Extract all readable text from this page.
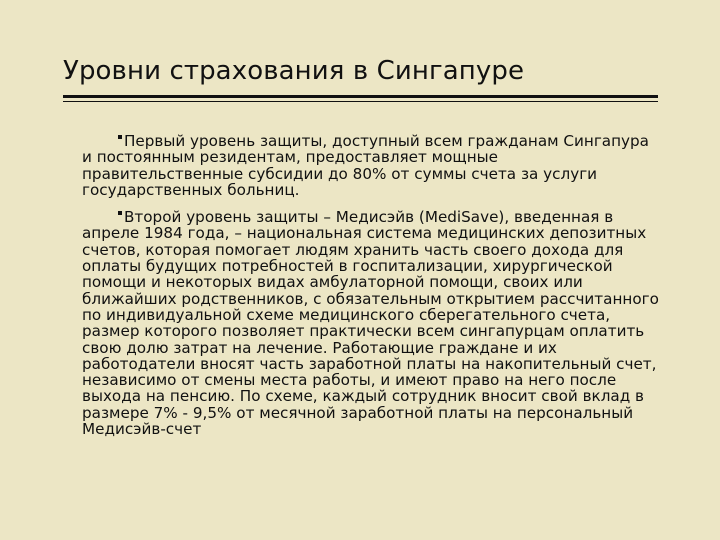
Уровни страхования в Сингапуре

Первый уровень защиты, доступный всем гражданам Сингапура и постоянным резидентам, предоставляет мощные правительственные субсидии до 80% от суммы счета за услуги государственных больниц.

Второй уровень защиты – Медисэйв (MediSave), введенная в апреле 1984 года, – национальная система медицинских депозитных счетов, которая помогает людям хранить часть своего дохода для оплаты будущих потребностей в госпитализации, хирургической помощи и некоторых видах амбулаторной помощи, своих или ближайших родственников, с обязательным открытием рассчитанного по индивидуальной схеме медицинского сберегательного счета, размер которого позволяет практически всем сингапурцам оплатить свою долю затрат на лечение. Работающие граждане и их работодатели вносят часть заработной платы на накопительный счет, независимо от смены места работы, и имеют право на него после выхода на пенсию. По схеме, каждый сотрудник вносит свой вклад в размере 7% - 9,5% от месячной заработной платы на персональный Медисэйв-счет
